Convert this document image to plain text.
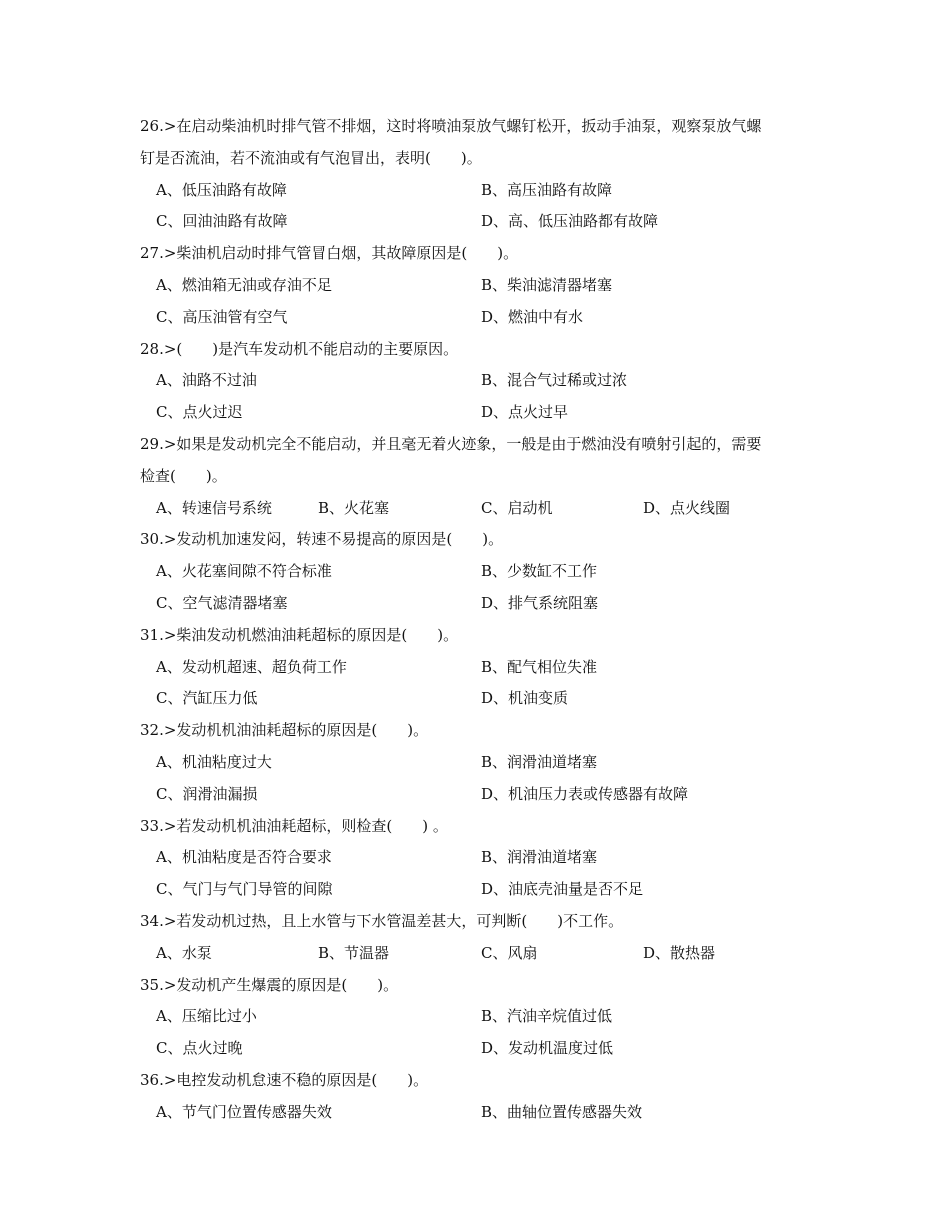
26.>在启动柴油机时排气管不排烟，这时将喷油泵放气螺钉松开，扳动手油泵，观察泵放气螺
钉是否流油，若不流油或有气泡冒出，表明(　　)。
A、低压油路有故障	B、高压油路有故障
C、回油油路有故障	D、高、低压油路都有故障
27.>柴油机启动时排气管冒白烟，其故障原因是(　　)。
A、燃油箱无油或存油不足	B、柴油滤清器堵塞
C、高压油管有空气	D、燃油中有水
28.>(　　)是汽车发动机不能启动的主要原因。
A、油路不过油	B、混合气过稀或过浓
C、点火过迟	D、点火过早
29.>如果是发动机完全不能启动，并且毫无着火迹象，一般是由于燃油没有喷射引起的，需要
检查(　　)。
A、转速信号系统	B、火花塞	C、启动机	D、点火线圈
30.>发动机加速发闷，转速不易提高的原因是(　　)。
A、火花塞间隙不符合标准	B、少数缸不工作
C、空气滤清器堵塞	D、排气系统阻塞
31.>柴油发动机燃油油耗超标的原因是(　　)。
A、发动机超速、超负荷工作	B、配气相位失准
C、汽缸压力低	D、机油变质
32.>发动机机油油耗超标的原因是(　　)。
A、机油粘度过大	B、润滑油道堵塞
C、润滑油漏损	D、机油压力表或传感器有故障
33.>若发动机机油油耗超标，则检查(　　) 。
A、机油粘度是否符合要求	B、润滑油道堵塞
C、气门与气门导管的间隙	D、油底壳油量是否不足
34.>若发动机过热，且上水管与下水管温差甚大，可判断(　　)不工作。
A、水泵	B、节温器	C、风扇	D、散热器
35.>发动机产生爆震的原因是(　　)。
A、压缩比过小	B、汽油辛烷值过低
C、点火过晚	D、发动机温度过低
36.>电控发动机怠速不稳的原因是(　　)。
A、节气门位置传感器失效	B、曲轴位置传感器失效
